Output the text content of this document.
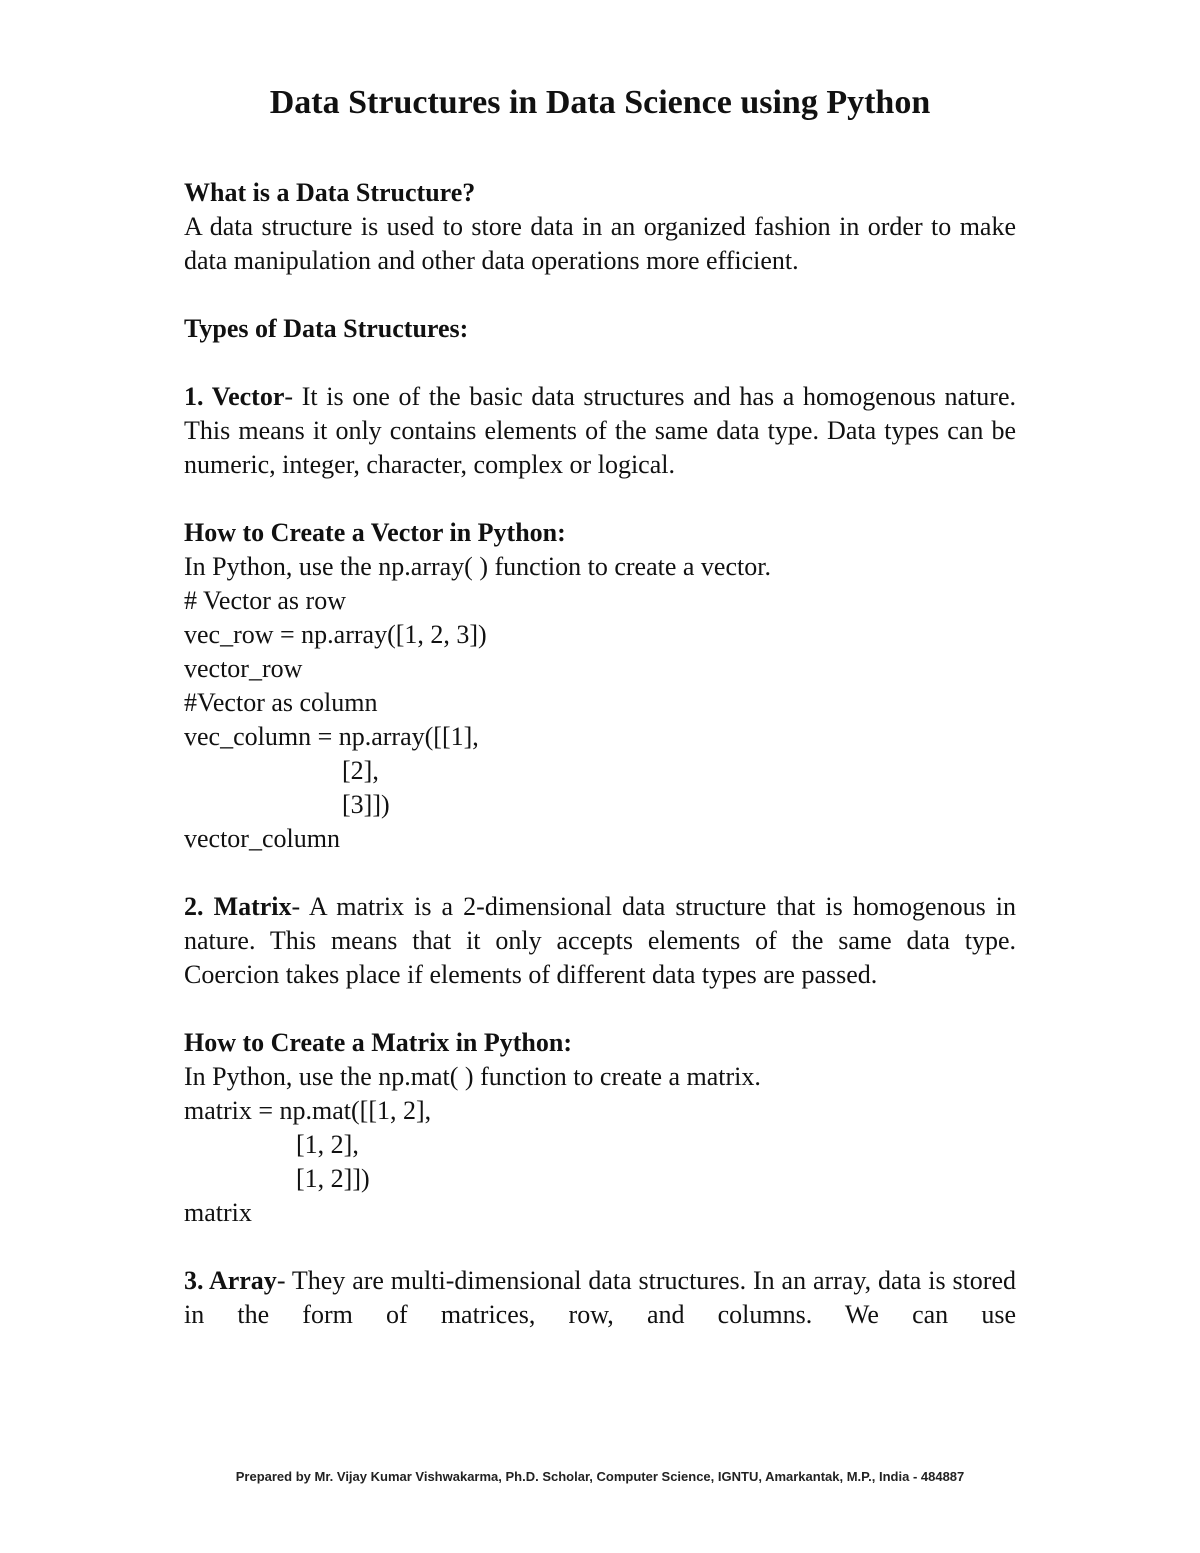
Data Structures in Data Science using Python
What is a Data Structure?

A data structure is used to store data in an organized fashion in order to make data manipulation and other data operations more efficient.

Types of Data Structures:

1. Vector- It is one of the basic data structures and has a homogenous nature. This means it only contains elements of the same data type. Data types can be numeric, integer, character, complex or logical.

How to Create a Vector in Python:

In Python, use the np.array( ) function to create a vector.

# Vector as row

vec_row = np.array([1, 2, 3])

vector_row

#Vector as column

vec_column = np.array([[1],

[2],

[3]])

vector_column

2. Matrix- A matrix is a 2-dimensional data structure that is homogenous in nature. This means that it only accepts elements of the same data type. Coercion takes place if elements of different data types are passed.

How to Create a Matrix in Python:

In Python, use the np.mat( ) function to create a matrix.

matrix = np.mat([[1, 2],

[1, 2],

[1, 2]])

matrix

3. Array- They are multi-dimensional data structures. In an array, data is stored in the form of matrices, row, and columns. We can use

Prepared by Mr. Vijay Kumar Vishwakarma, Ph.D. Scholar, Computer Science, IGNTU, Amarkantak, M.P., India - 484887
